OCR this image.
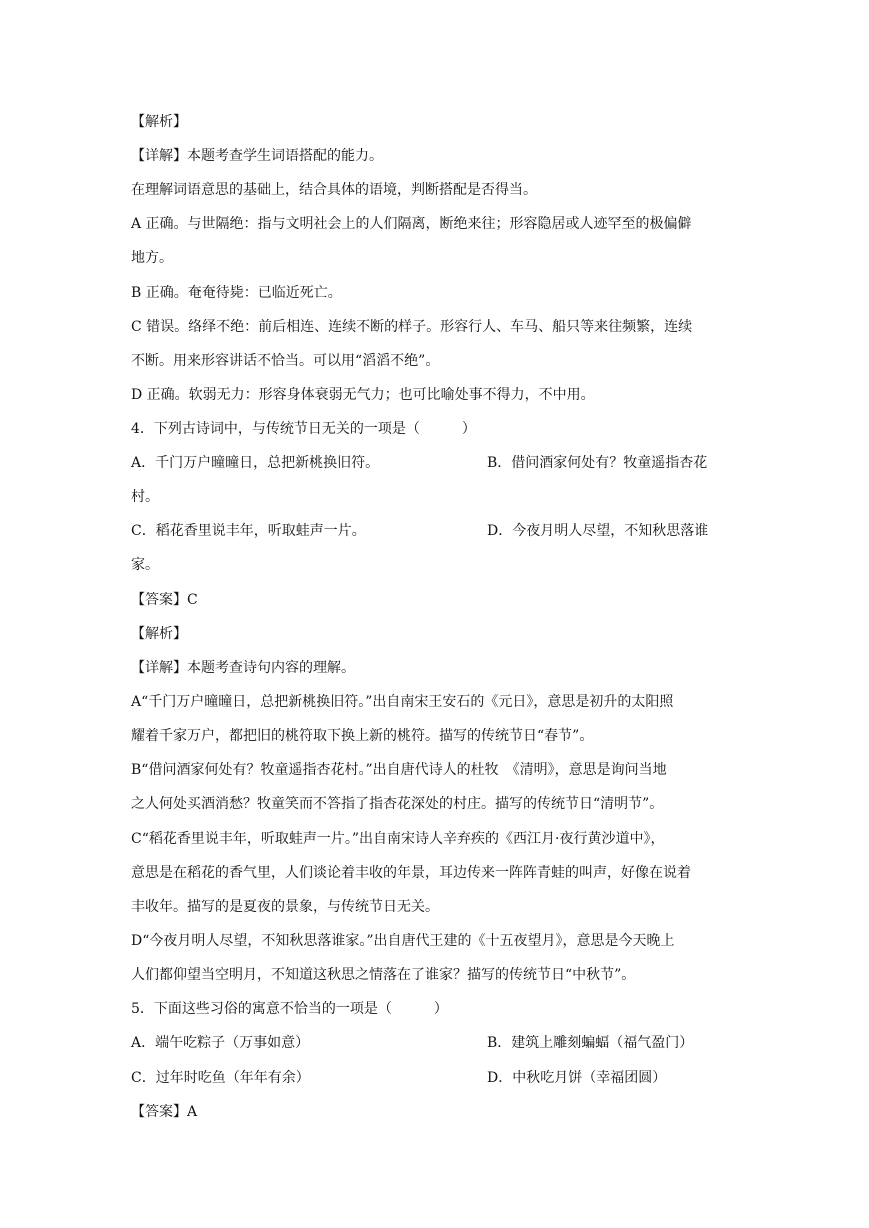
【解析】
【详解】本题考查学生词语搭配的能力。
在理解词语意思的基础上，结合具体的语境，判断搭配是否得当。
A 正确。与世隔绝：指与文明社会上的人们隔离，断绝来往；形容隐居或人迹罕至的极偏僻
地方。
B 正确。奄奄待毙：已临近死亡。
C 错误。络绎不绝：前后相连、连续不断的样子。形容行人、车马、船只等来往频繁，连续
不断。用来形容讲话不恰当。可以用“滔滔不绝”。
D 正确。软弱无力：形容身体衰弱无气力；也可比喻处事不得力，不中用。
4．下列古诗词中，与传统节日无关的一项是（　　　）
A．千门万户曈曈日，总把新桃换旧符。	B．借问酒家何处有？牧童遥指杏花
村。
C．稻花香里说丰年，听取蛙声一片。	D．今夜月明人尽望，不知秋思落谁
家。
【答案】C
【解析】
【详解】本题考查诗句内容的理解。
A“千门万户曈曈日，总把新桃换旧符。”出自南宋王安石的《元日》，意思是初升的太阳照
耀着千家万户，都把旧的桃符取下换上新的桃符。描写的传统节日“春节”。
B“借问酒家何处有？牧童遥指杏花村。”出自唐代诗人的杜牧　《清明》，意思是询问当地
之人何处买酒消愁？牧童笑而不答指了指杏花深处的村庄。描写的传统节日“清明节”。
C“稻花香里说丰年，听取蛙声一片。”出自南宋诗人辛弃疾的《西江月·夜行黄沙道中》，
意思是在稻花的香气里，人们谈论着丰收的年景，耳边传来一阵阵青蛙的叫声，好像在说着
丰收年。描写的是夏夜的景象，与传统节日无关。
D“今夜月明人尽望，不知秋思落谁家。”出自唐代王建的《十五夜望月》，意思是今天晚上
人们都仰望当空明月，不知道这秋思之情落在了谁家？描写的传统节日“中秋节”。
5．下面这些习俗的寓意不恰当的一项是（　　　）
A．端午吃粽子（万事如意）	B．建筑上雕刻蝙蝠（福气盈门）
C．过年时吃鱼（年年有余）	D．中秋吃月饼（幸福团圆）
【答案】A
